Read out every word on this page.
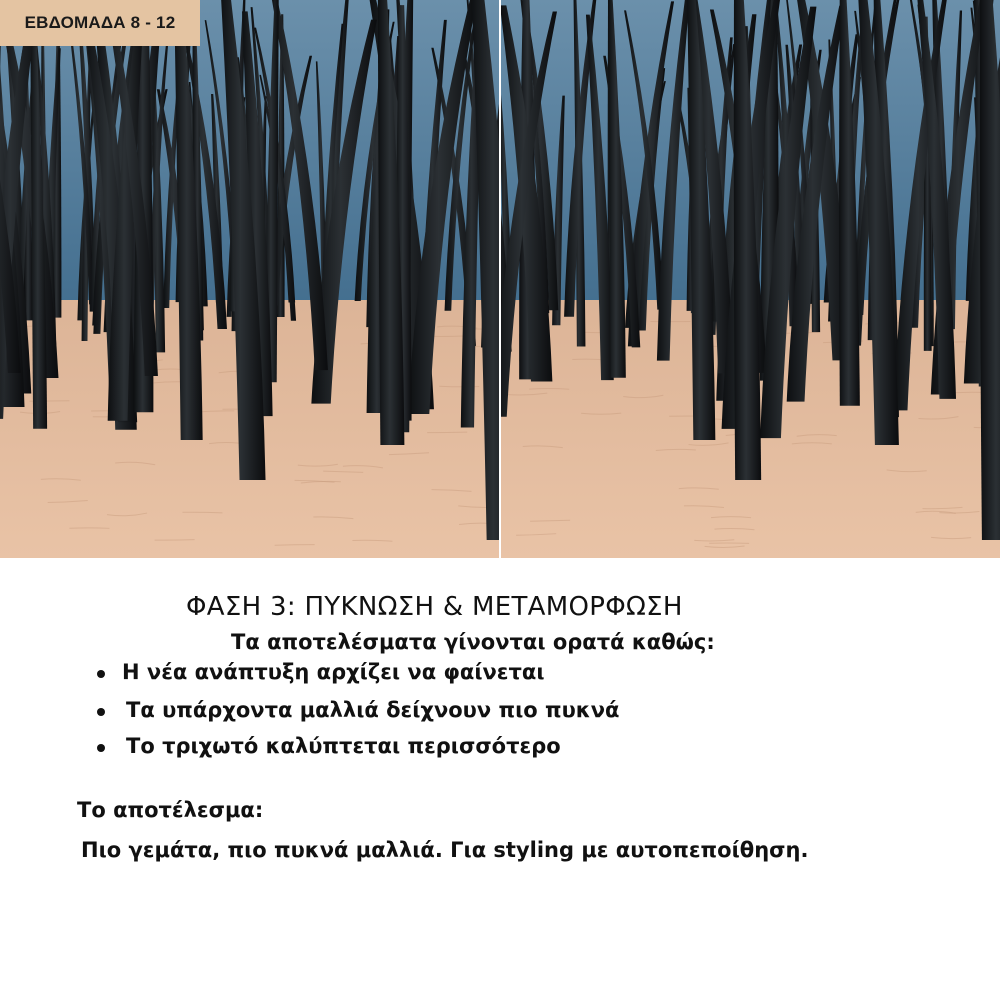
ΕΒΔΟΜΑΔΑ 8 - 12
ΦΑΣΗ 3: ΠΥΚΝΩΣΗ & ΜΕΤΑΜΟΡΦΩΣΗ
Τα αποτελέσματα γίνονται ορατά καθώς:
Η νέα ανάπτυξη αρχίζει να φαίνεται
Τα υπάρχοντα μαλλιά δείχνουν πιο πυκνά
Το τριχωτό καλύπτεται περισσότερο
Το αποτέλεσμα:
Πιο γεμάτα, πιο πυκνά μαλλιά. Για styling με αυτοπεποίθηση.
